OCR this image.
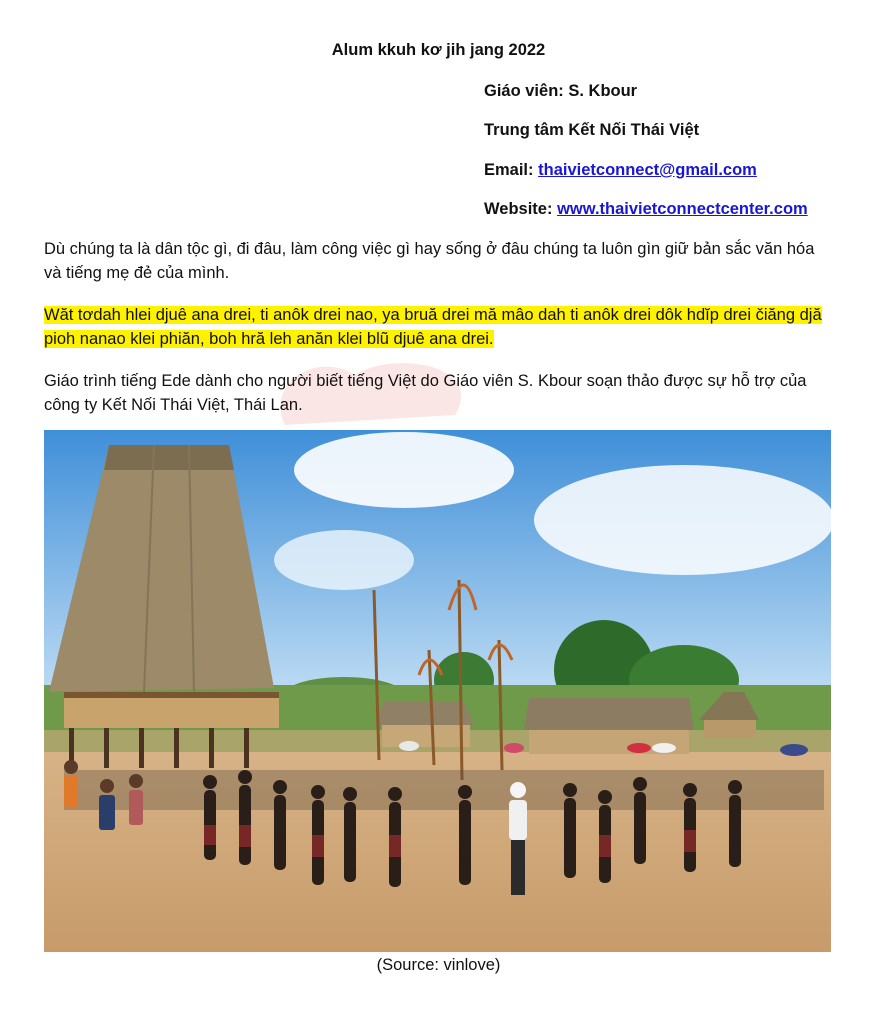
Alum kkuh kơ jih jang 2022
Giáo viên: S. Kbour
Trung tâm Kết Nối Thái Việt
Email: thaivietconnect@gmail.com
Website: www.thaivietconnectcenter.com
Dù chúng ta là dân tộc gì, đi đâu, làm công việc gì hay sống ở đâu chúng ta luôn gìn giữ bản sắc văn hóa và tiếng mẹ đẻ của mình.
Wăt tơdah hlei djuê ana drei, ti anôk drei nao, ya bruă drei mă mâo dah ti anôk drei dôk hdĭp drei čiăng djă pioh nanao klei phiăn, boh hră leh anăn klei blũ djuê ana drei.
Giáo trình tiếng Ede dành cho người biết tiếng Việt do Giáo viên S. Kbour soạn thảo được sự hỗ trợ của công ty Kết Nối Thái Việt, Thái Lan.
(Source: vinlove)
